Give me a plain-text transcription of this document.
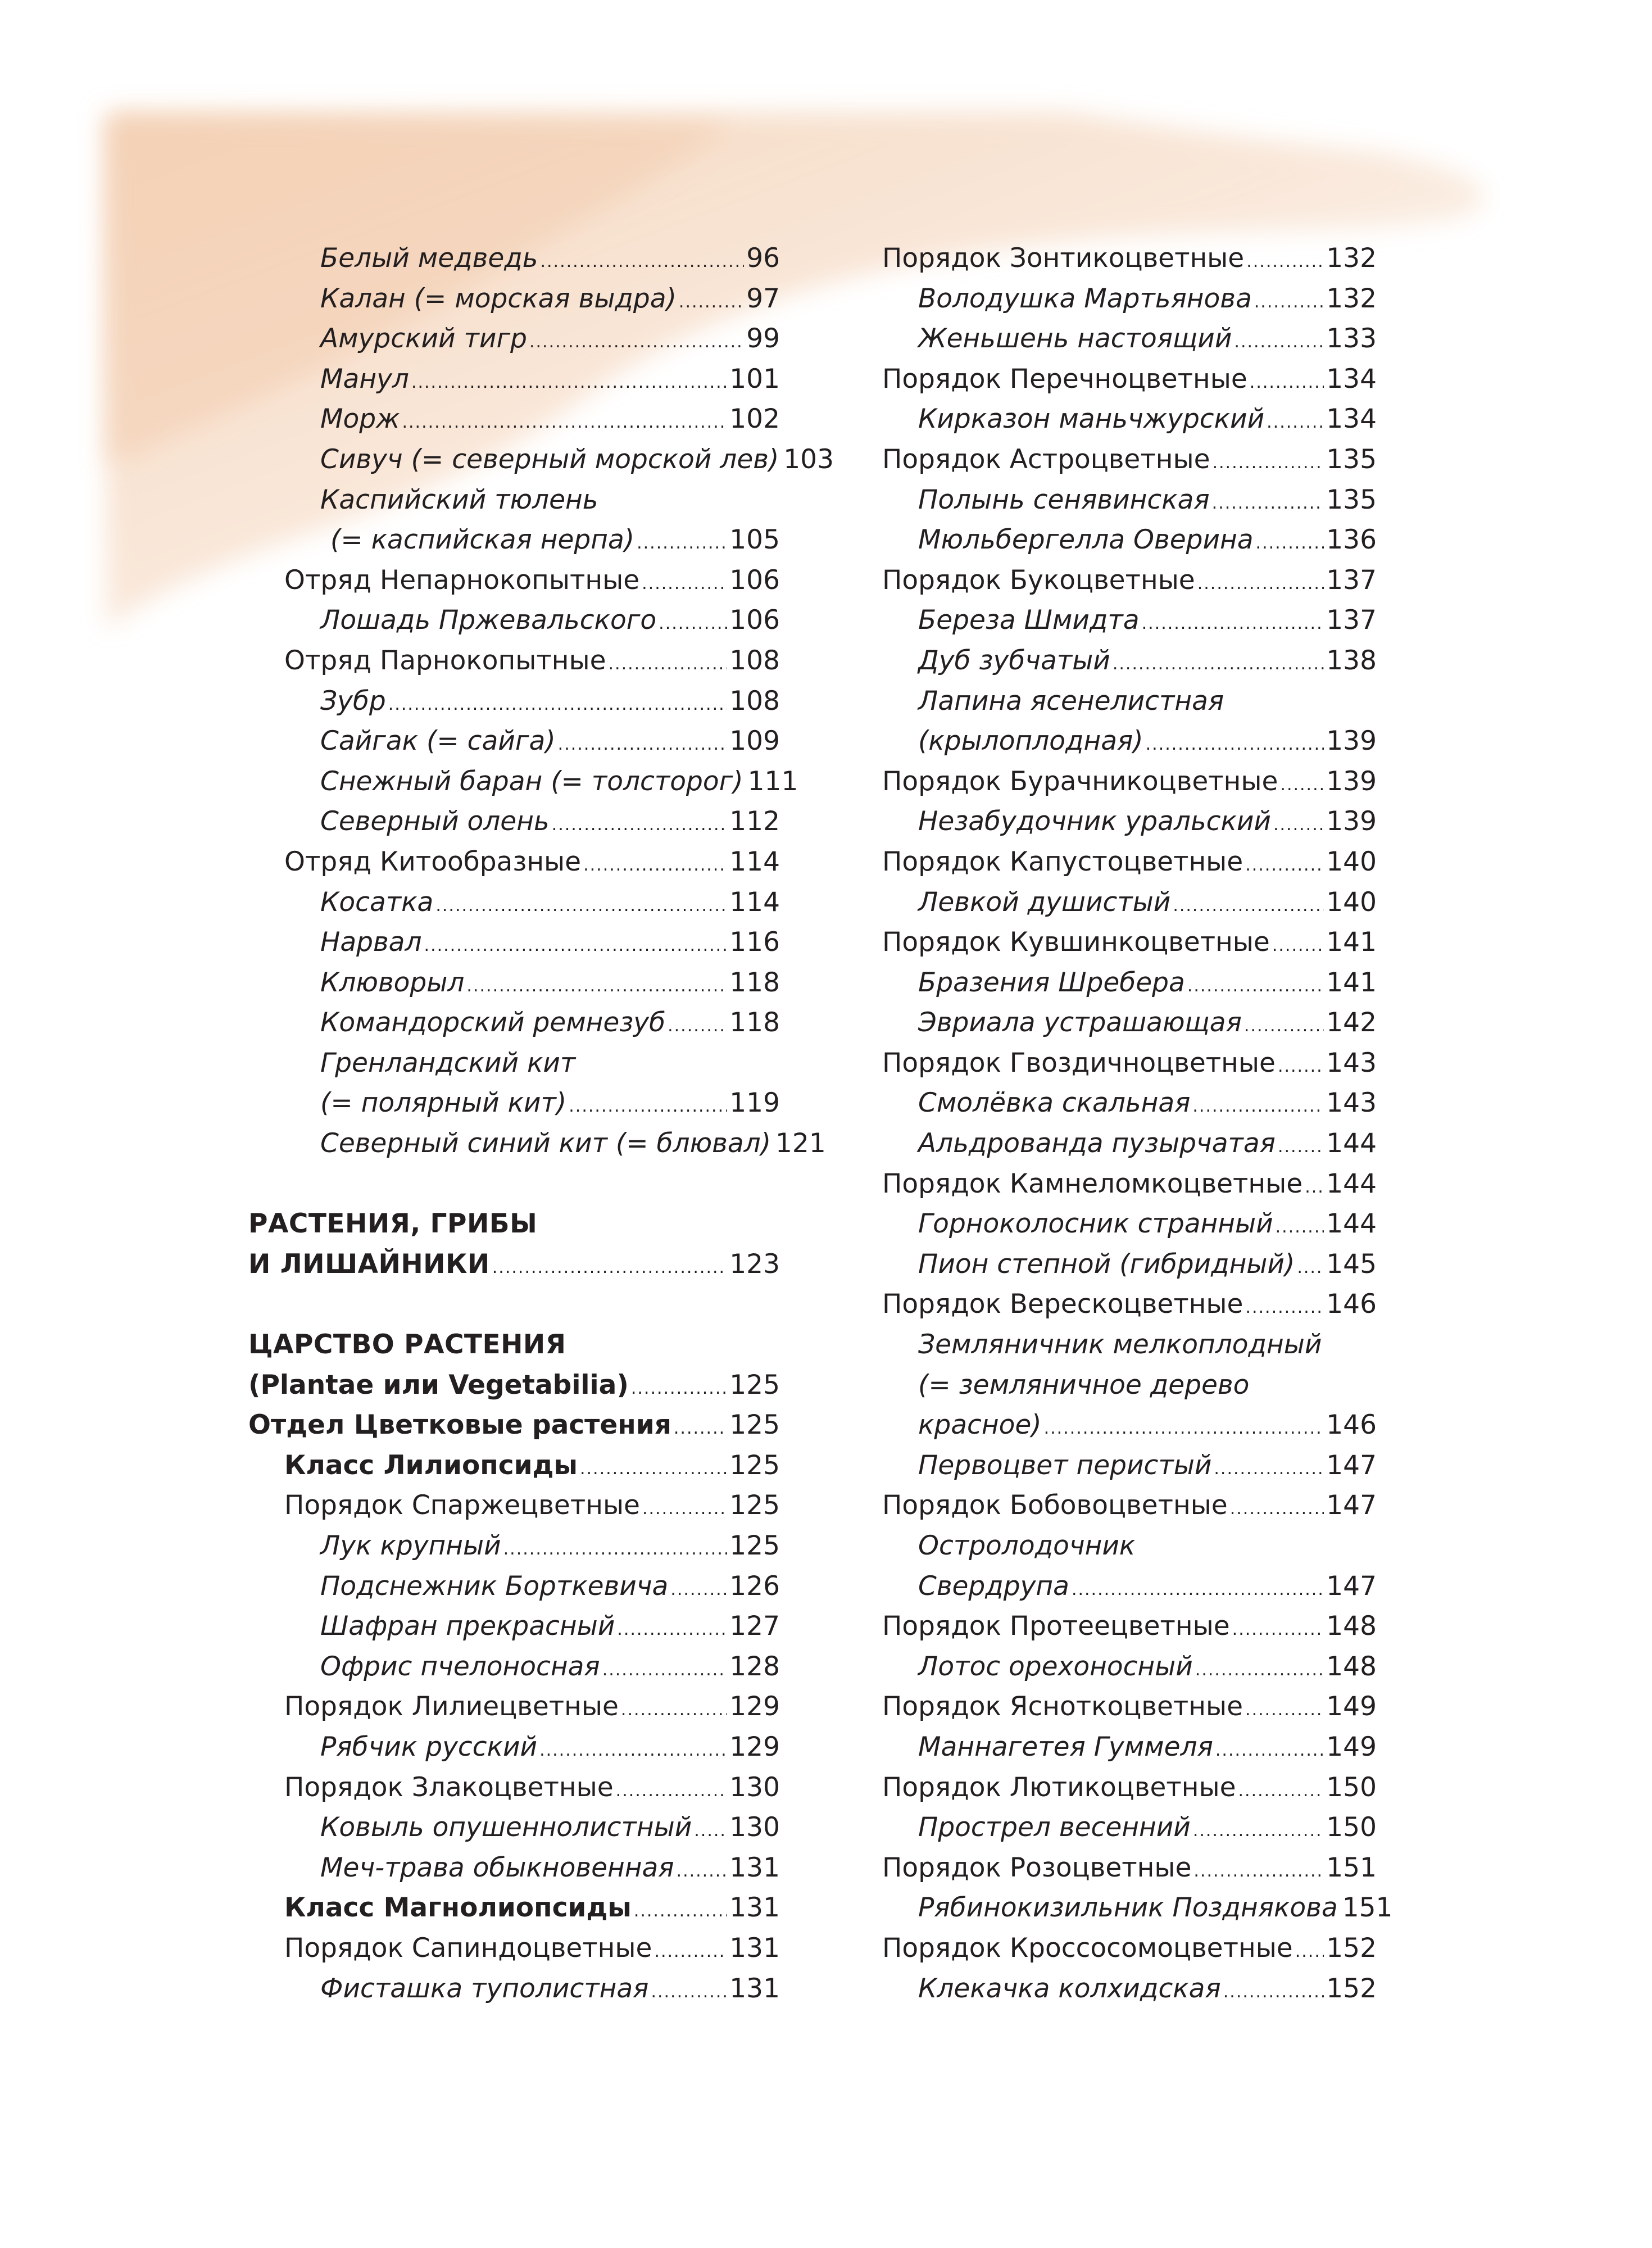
Белый медведь .....	96
Калан (= морская выдра) .....	97
Амурский тигр .....	99
Манул .....	101
Морж .....	102
Сивуч (= северный морской лев) 103
Каспийский тюлень
(= каспийская нерпа) .....	105
Отряд Непарнокопытные .....	106
Лошадь Пржевальского .....	106
Отряд Парнокопытные .....	108
Зубр .....	108
Сайгак (= сайга) .....	109
Снежный баран (= толсторог) 111
Северный олень .....	112
Отряд Китообразные .....	114
Косатка .....	114
Нарвал .....	116
Клюворыл .....	118
Командорский ремнезуб ..... 118
Гренландский кит
(= полярный кит) .....	119
Северный синий кит (= блювал) 121
РАСТЕНИЯ, ГРИБЫ
И ЛИШАЙНИКИ .....	123
ЦАРСТВО РАСТЕНИЯ
(Plantae или Vegetabilia) .....	125
Отдел Цветковые растения ..... 125
Класс Лилиопсиды .....	125
Порядок Спаржецветные .....	125
Лук крупный .....	125
Подснежник Борткевича ..... 126
Шафран прекрасный .....	127
Офрис пчелоносная .....	128
Порядок Лилиецветные .....	129
Рябчик русский .....	129
Порядок Злакоцветные .....	130
Ковыль опушеннолистный ..... 130
Меч-трава обыкновенная ..... 131
Класс Магнолиопсиды .....	131
Порядок Сапиндоцветные .....	131
Фисташка туполистная .....	131
Порядок Зонтикоцветные .....	132
Володушка Мартьянова .....	132
Женьшень настоящий .....	133
Порядок Перечноцветные .....	134
Кирказон маньчжурский ..... 134
Порядок Астроцветные .....	135
Полынь сенявинская .....	135
Мюльбергелла Оверина .....	136
Порядок Букоцветные .....	137
Береза Шмидта .....	137
Дуб зубчатый .....	138
Лапина ясенелистная
(крылоплодная) .....	139
Порядок Бурачникоцветные ..... 139
Незабудочник уральский ..... 139
Порядок Капустоцветные .....	140
Левкой душистый .....	140
Порядок Кувшинкоцветные ..... 141
Бразения Шребера .....	141
Эвриала устрашающая .....	142
Порядок Гвоздичноцветные ..... 143
Смолёвка скальная .....	143
Альдрованда пузырчатая ..... 144
Порядок Камнеломкоцветные ..... 144
Горноколосник странный ..... 144
Пион степной (гибридный) ..... 145
Порядок Верескоцветные .....	146
Земляничник мелкоплодный
(= земляничное дерево
красное) .....	146
Первоцвет перистый .....	147
Порядок Бобовоцветные .....	147
Остролодочник
Свердрупа .....	147
Порядок Протеецветные .....	148
Лотос орехоносный .....	148
Порядок Ясноткоцветные .....	149
Маннагетея Гуммеля .....	149
Порядок Лютикоцветные .....	150
Прострел весенний .....	150
Порядок Розоцветные .....	151
Рябинокизильник Позднякова 151
Порядок Кроссосомоцветные ..... 152
Клекачка колхидская .....	152
